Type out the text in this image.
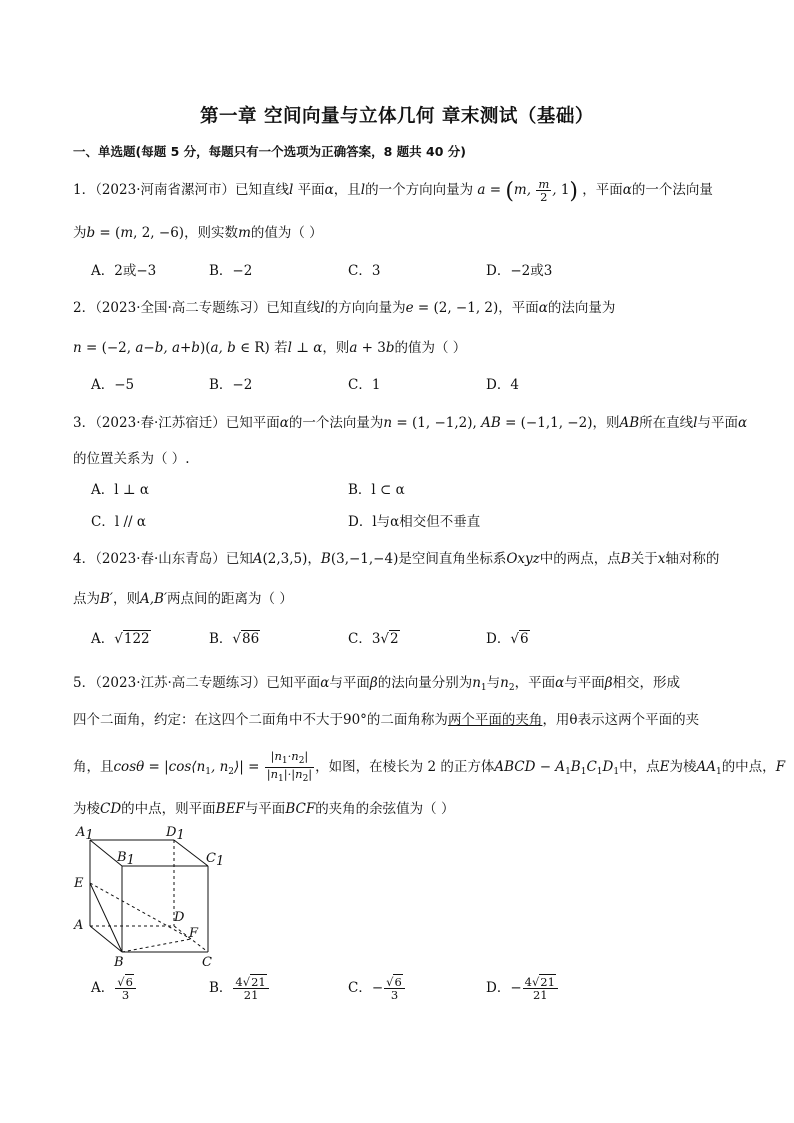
第一章 空间向量与立体几何 章末测试（基础）
一、单选题(每题 5 分，每题只有一个选项为正确答案，8 题共 40 分)
1．（2023·河南省漯河市）已知直线l 平面α，且l的一个方向向量为 a = (m, $\frac{m}{2}$ , 1) ，平面α的一个法向量
为b = (m, 2, −6)，则实数m的值为（ ）
A．2或−3	B．−2	C．3	D．−2或3
2．（2023·全国·高二专题练习）已知直线l的方向向量为e = (2, −1, 2)，平面α的法向量为
n = (−2, a−b, a+b)(a, b ∈ R) 若l ⊥ α，则a + 3b的值为（ ）
A．−5	B．−2	C．1	D．4
3．（2023·春·江苏宿迁）已知平面α的一个法向量为n = (1, −1,2), AB = (−1,1, −2)，则AB所在直线l与平面α
的位置关系为（ ）.
A．l ⊥ α	B．l ⊂ α
C．l // α	D．l与α相交但不垂直
4．（2023·春·山东青岛）已知A(2,3,5)，B(3,−1,−4)是空间直角坐标系Oxyz中的两点，点B关于x轴对称的
点为B′，则A,B′两点间的距离为（ ）
A．√122	B．√86	C．3√2	D．√6
5．（2023·江苏·高二专题练习）已知平面α与平面β的法向量分别为$n_1$与$n_2$，平面α与平面β相交，形成
四个二面角，约定：在这四个二面角中不大于90°的二面角称为两个平面的夹角，用θ表示这两个平面的夹
角，且$\cos\theta = |\cos⟨n_1$, $n_2⟩| = \frac{|n_1\cdot n_2|}{|n_1|\cdot|n_2|}$ ，如图，在棱长为 2 的正方体ABCD − $A_1B_1C_1D_1$中，点E为棱$AA_1$的中点，F
为棱CD的中点，则平面BEF与平面BCF的夹角的余弦值为（ ）
A1	D1
B1	C1
E
D
A
F
B	C
A． $\frac{√6}{3}$	B． $\frac{4√21}{21}$	C．− $\frac{√6}{3}$	D．− $\frac{4√21}{21}$
